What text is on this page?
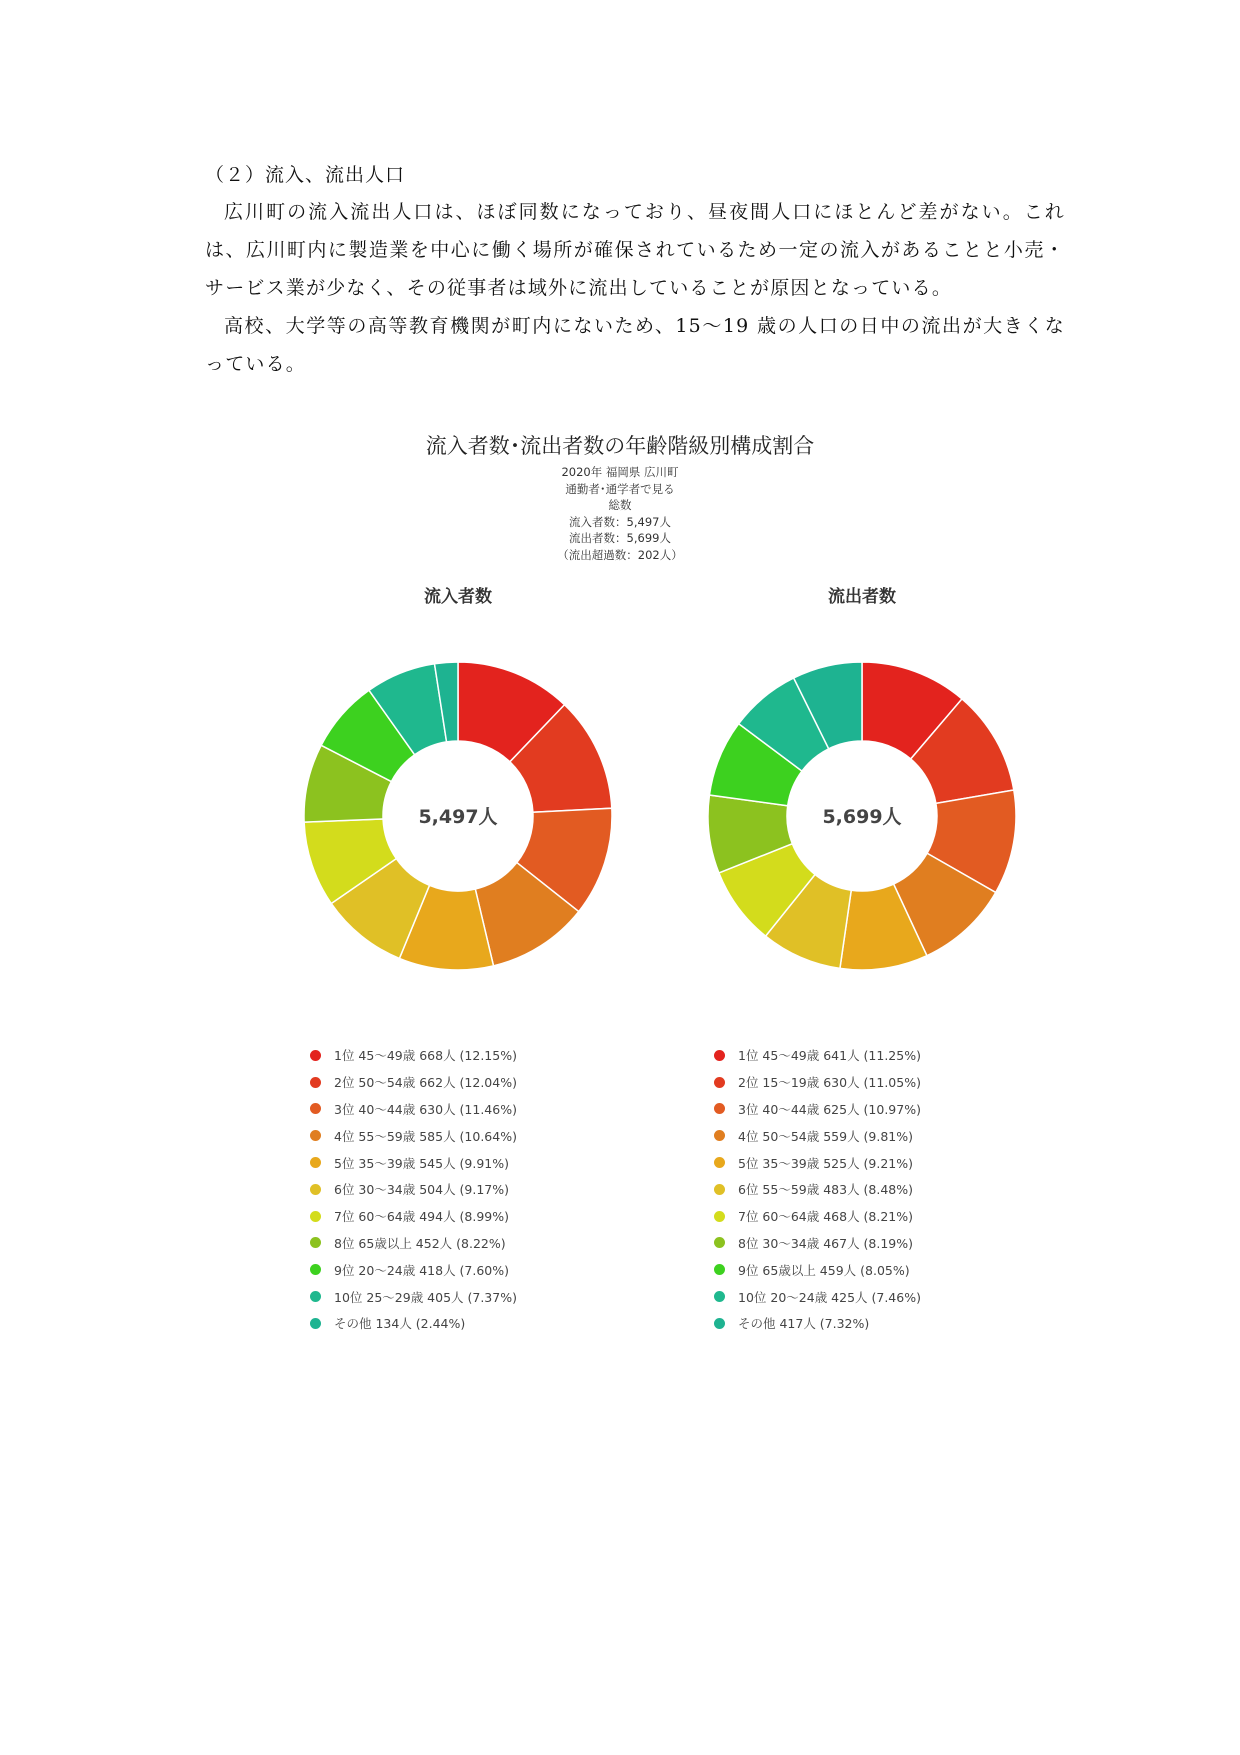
（２）流入、流出人口

広川町の流入流出人口は、ほぼ同数になっており、昼夜間人口にほとんど差がない。これは、広川町内に製造業を中心に働く場所が確保されているため一定の流入があることと小売・サービス業が少なく、その従事者は域外に流出していることが原因となっている。

高校、大学等の高等教育機関が町内にないため、15～19 歳の人口の日中の流出が大きくなっている。

流入者数･流出者数の年齢階級別構成割合
2020年 福岡県 広川町
通勤者･通学者で見る
総数
流入者数：5,497人
流出者数：5,699人
（流出超過数：202人）
流入者数
5,497人
1位 45～49歳 668人 (12.15%)
2位 50～54歳 662人 (12.04%)
3位 40～44歳 630人 (11.46%)
4位 55～59歳 585人 (10.64%)
5位 35～39歳 545人 (9.91%)
6位 30～34歳 504人 (9.17%)
7位 60～64歳 494人 (8.99%)
8位 65歳以上 452人 (8.22%)
9位 20～24歳 418人 (7.60%)
10位 25～29歳 405人 (7.37%)
その他 134人 (2.44%)
流出者数
5,699人
1位 45～49歳 641人 (11.25%)
2位 15～19歳 630人 (11.05%)
3位 40～44歳 625人 (10.97%)
4位 50～54歳 559人 (9.81%)
5位 35～39歳 525人 (9.21%)
6位 55～59歳 483人 (8.48%)
7位 60～64歳 468人 (8.21%)
8位 30～34歳 467人 (8.19%)
9位 65歳以上 459人 (8.05%)
10位 20～24歳 425人 (7.46%)
その他 417人 (7.32%)
